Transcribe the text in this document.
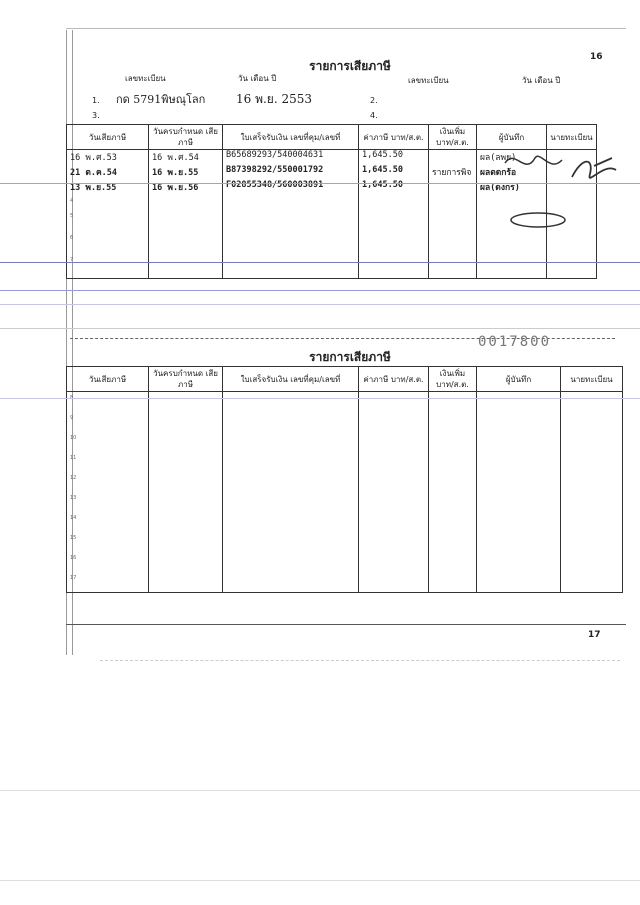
16
รายการเสียภาษี
เลขทะเบียน	วัน เดือน ปี	เลขทะเบียน	วัน เดือน ปี
1. กด 5791พิษณุโลก	16 พ.ย. 2553	2.
3.	4.
วันเสียภาษี	วันครบกำหนด เสียภาษี	ใบเสร็จรับเงิน เลขที่คุม/เลขที่	ค่าภาษี บาท/ส.ต.	เงินเพิ่ม บาท/ส.ต.	ผู้บันทึก	นายทะเบียน
16 พ.ศ.53	16 พ.ศ.54	B65689293/540004631	1,645.50		ผล(ลพย)	
21 ต.ค.54	16 พ.ย.55	B87398292/550001792	1,645.50	รายการพิจ	ผลตดกร้อ	
13 พ.ย.55	16 พ.ย.56	F02855348/560003891	1,645.50		ผล(ดงกร)	
4						
5						
6						
7						
0017800
รายการเสียภาษี
วันเสียภาษี	วันครบกำหนด เสียภาษี	ใบเสร็จรับเงิน เลขที่คุม/เลขที่	ค่าภาษี บาท/ส.ต.	เงินเพิ่ม บาท/ส.ต.	ผู้บันทึก	นายทะเบียน
8						
9						
10						
11						
12						
13						
14						
15						
16						
17						
17
